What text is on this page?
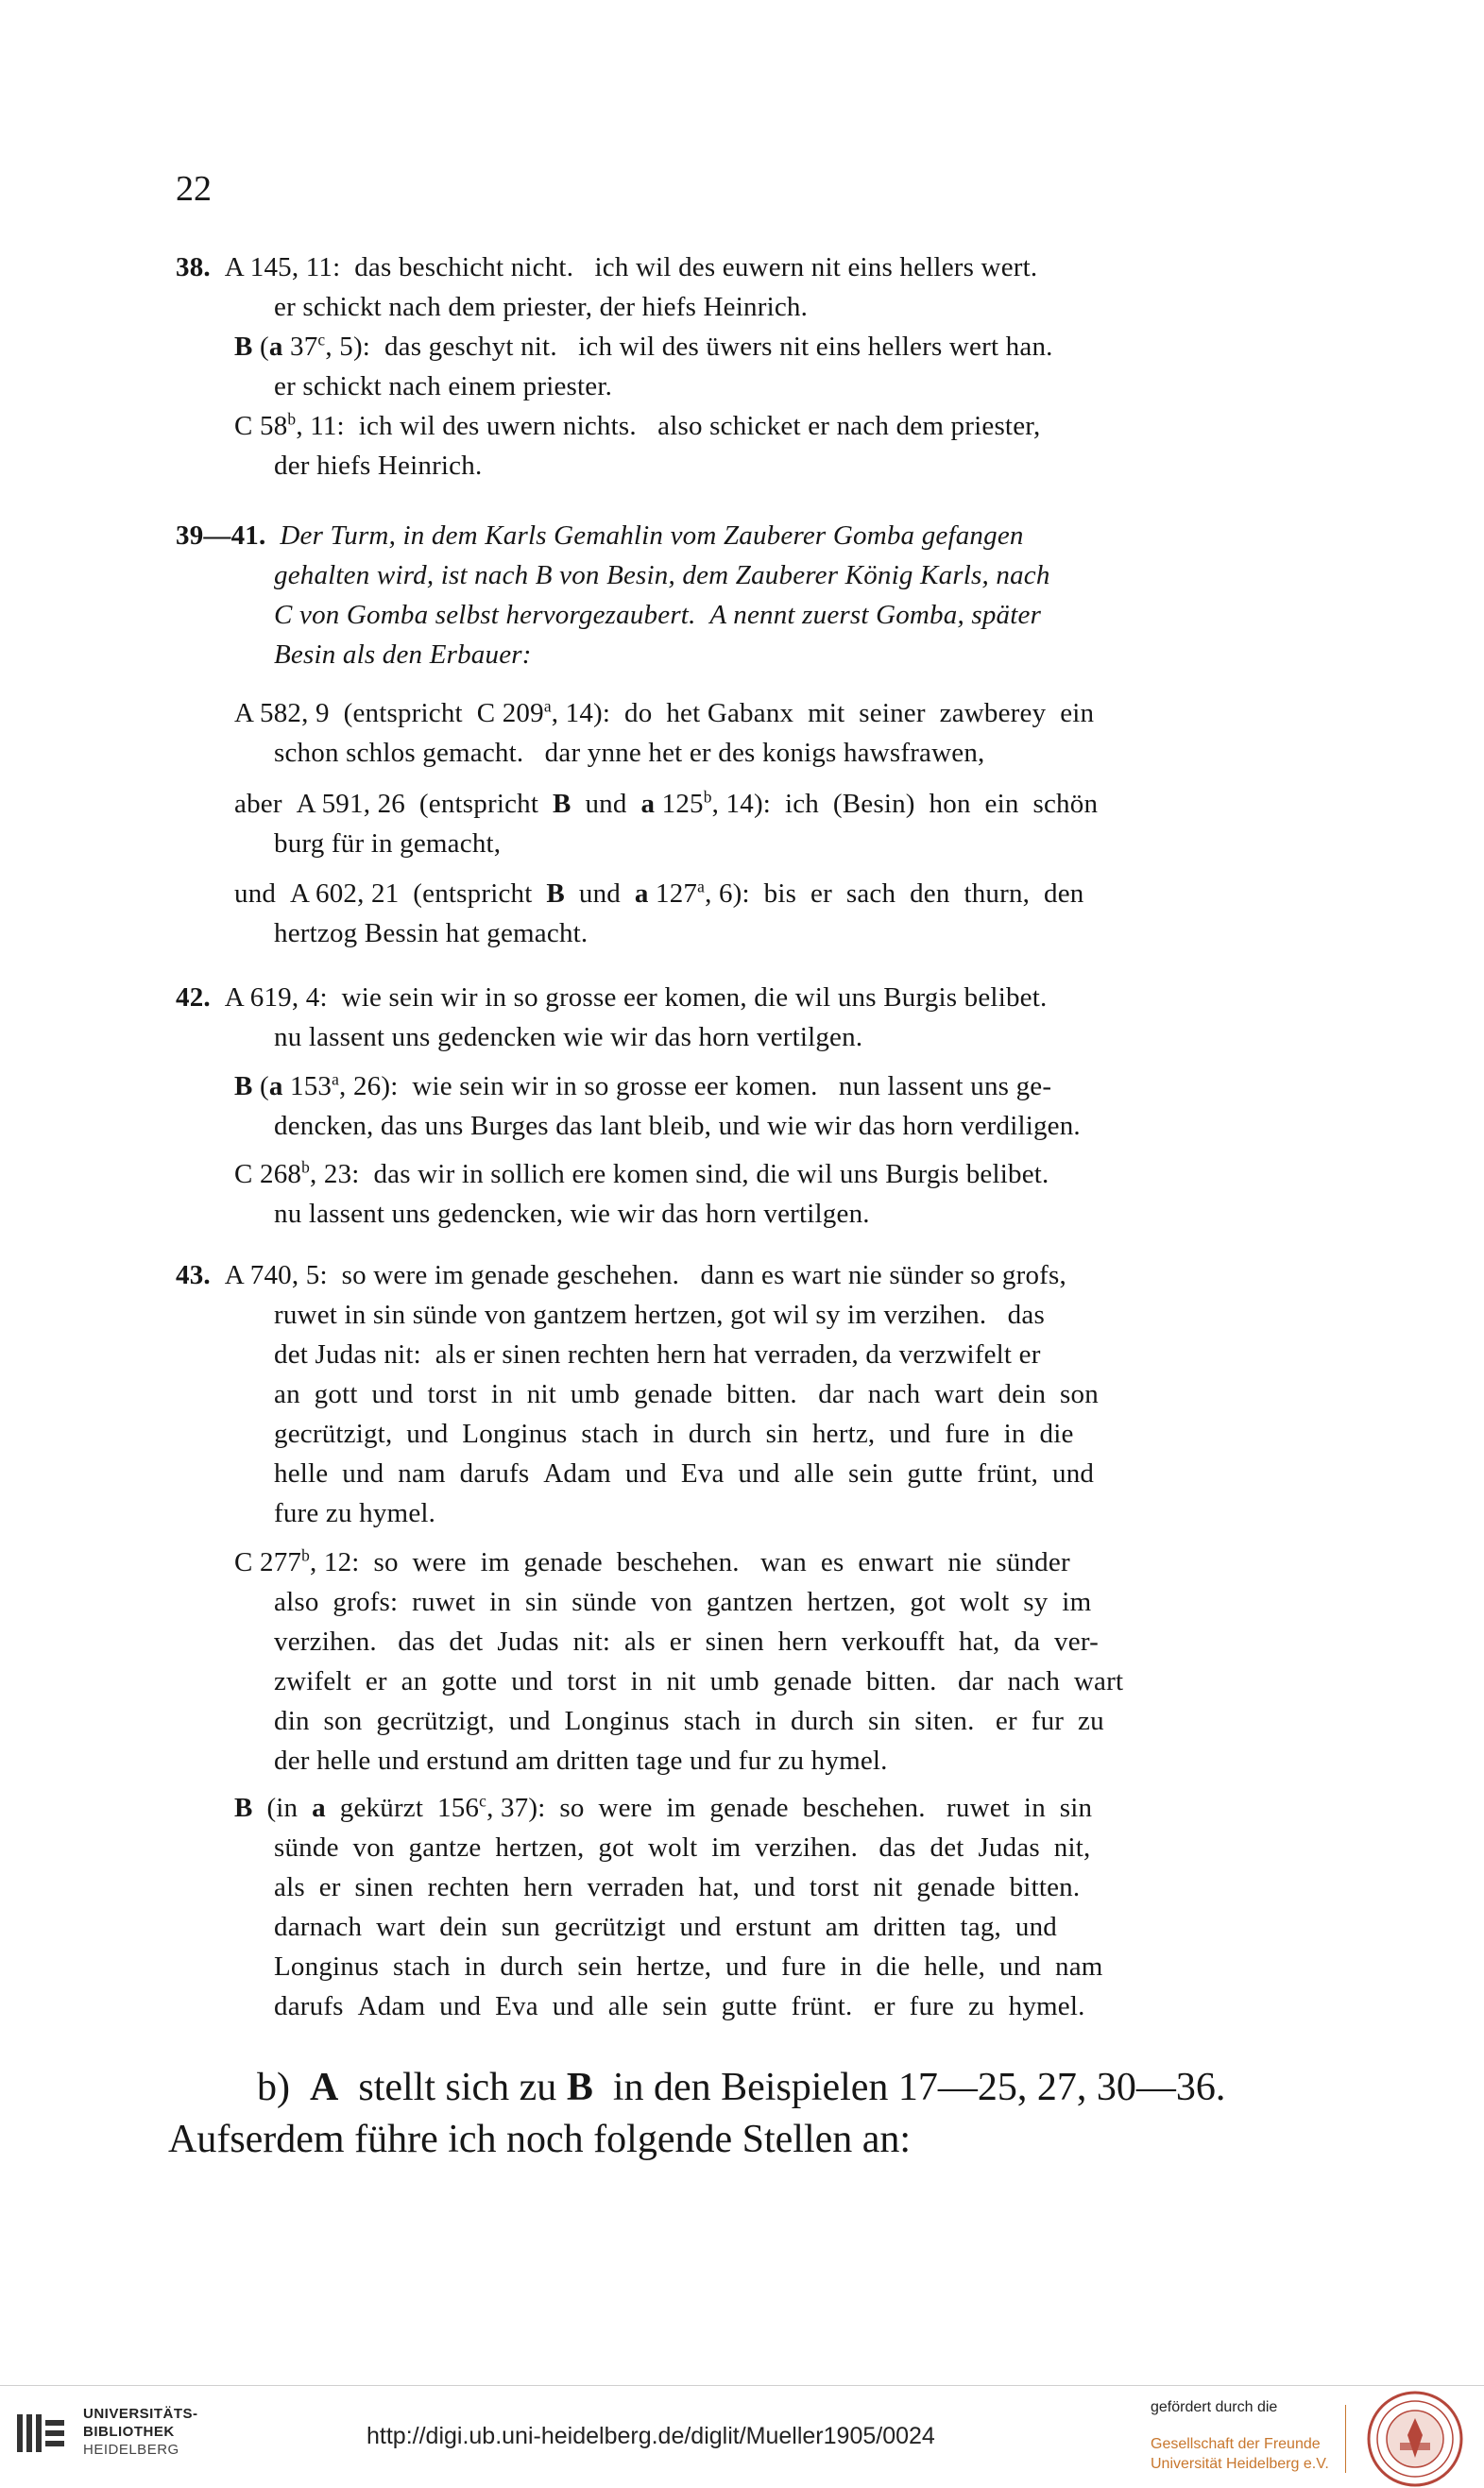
22
38.  A 145, 11:  das beschicht nicht.   ich wil des euwern nit eins hellers wert.
er schickt nach dem priester, der hiefs Heinrich.
B (a 37$^c$, 5):  das geschyt nit.   ich wil des üwers nit eins hellers wert han.
er schickt nach einem priester.
C 58$^b$, 11:  ich wil des uwern nichts.   also schicket er nach dem priester,
der hiefs Heinrich.
39—41. Der Turm, in dem Karls Gemahlin vom Zauberer Gomba gefangen
gehalten wird, ist nach B von Besin, dem Zauberer König Karls, nach
C von Gomba selbst hervorgezaubert.  A nennt zuerst Gomba, später
Besin als den Erbauer:
A 582, 9  (entspricht  C 209$^a$, 14):  do  het Gabanx  mit  seiner  zawberey  ein
schon schlos gemacht.   dar ynne het er des konigs hawsfrawen,
aber  A 591, 26  (entspricht  B  und  a 125$^b$, 14):  ich  (Besin)  hon  ein  schön
burg für in gemacht,
und  A 602, 21  (entspricht  B  und  a 127$^a$, 6):  bis  er  sach  den  thurn,  den
hertzog Bessin hat gemacht.
42.  A 619, 4:  wie sein wir in so grosse eer komen, die wil uns Burgis belibet.
nu lassent uns gedencken wie wir das horn vertilgen.
B (a 153$^a$, 26):  wie sein wir in so grosse eer komen.   nun lassent uns ge-
dencken, das uns Burges das lant bleib, und wie wir das horn verdiligen.
C 268$^b$, 23:  das wir in sollich ere komen sind, die wil uns Burgis belibet.
nu lassent uns gedencken, wie wir das horn vertilgen.
43.  A 740, 5:  so were im genade geschehen.   dann es wart nie sünder so grofs,
ruwet in sin sünde von gantzem hertzen, got wil sy im verzihen.   das
det Judas nit:  als er sinen rechten hern hat verraden, da verzwifelt er
an  gott  und  torst  in  nit  umb  genade  bitten.   dar  nach  wart  dein  son
gecrützigt,  und  Longinus  stach  in  durch  sin  hertz,  und  fure  in  die
helle  und  nam  darufs  Adam  und  Eva  und  alle  sein  gutte  frünt,  und
fure zu hymel.
C 277$^b$, 12:  so  were  im  genade  beschehen.   wan  es  enwart  nie  sünder
also  grofs:  ruwet  in  sin  sünde  von  gantzen  hertzen,  got  wolt  sy  im
verzihen.   das  det  Judas  nit:  als  er  sinen  hern  verkoufft  hat,  da  ver-
zwifelt  er  an  gotte  und  torst  in  nit  umb  genade  bitten.   dar  nach  wart
din  son  gecrützigt,  und  Longinus  stach  in  durch  sin  siten.   er  fur  zu
der helle und erstund am dritten tage und fur zu hymel.
B  (in  a  gekürzt  156$^c$, 37):  so  were  im  genade  beschehen.   ruwet  in  sin
sünde  von  gantze  hertzen,  got  wolt  im  verzihen.   das  det  Judas  nit,
als  er  sinen  rechten  hern  verraden  hat,  und  torst  nit  genade  bitten.
darnach  wart  dein  sun  gecrützigt  und  erstunt  am  dritten  tag,  und
Longinus  stach  in  durch  sein  hertze,  und  fure  in  die  helle,  und  nam
darufs  Adam  und  Eva  und  alle  sein  gutte  frünt.   er  fure  zu  hymel.
b)  A  stellt sich zu B  in den Beispielen 17—25, 27, 30—36.
Aufserdem führe ich noch folgende Stellen an:
UNIVERSITÄTS-
BIBLIOTHEK
HEIDELBERG
http://digi.ub.uni-heidelberg.de/diglit/Mueller1905/0024
gefördert durch die
Gesellschaft der Freunde
Universität Heidelberg e.V.
